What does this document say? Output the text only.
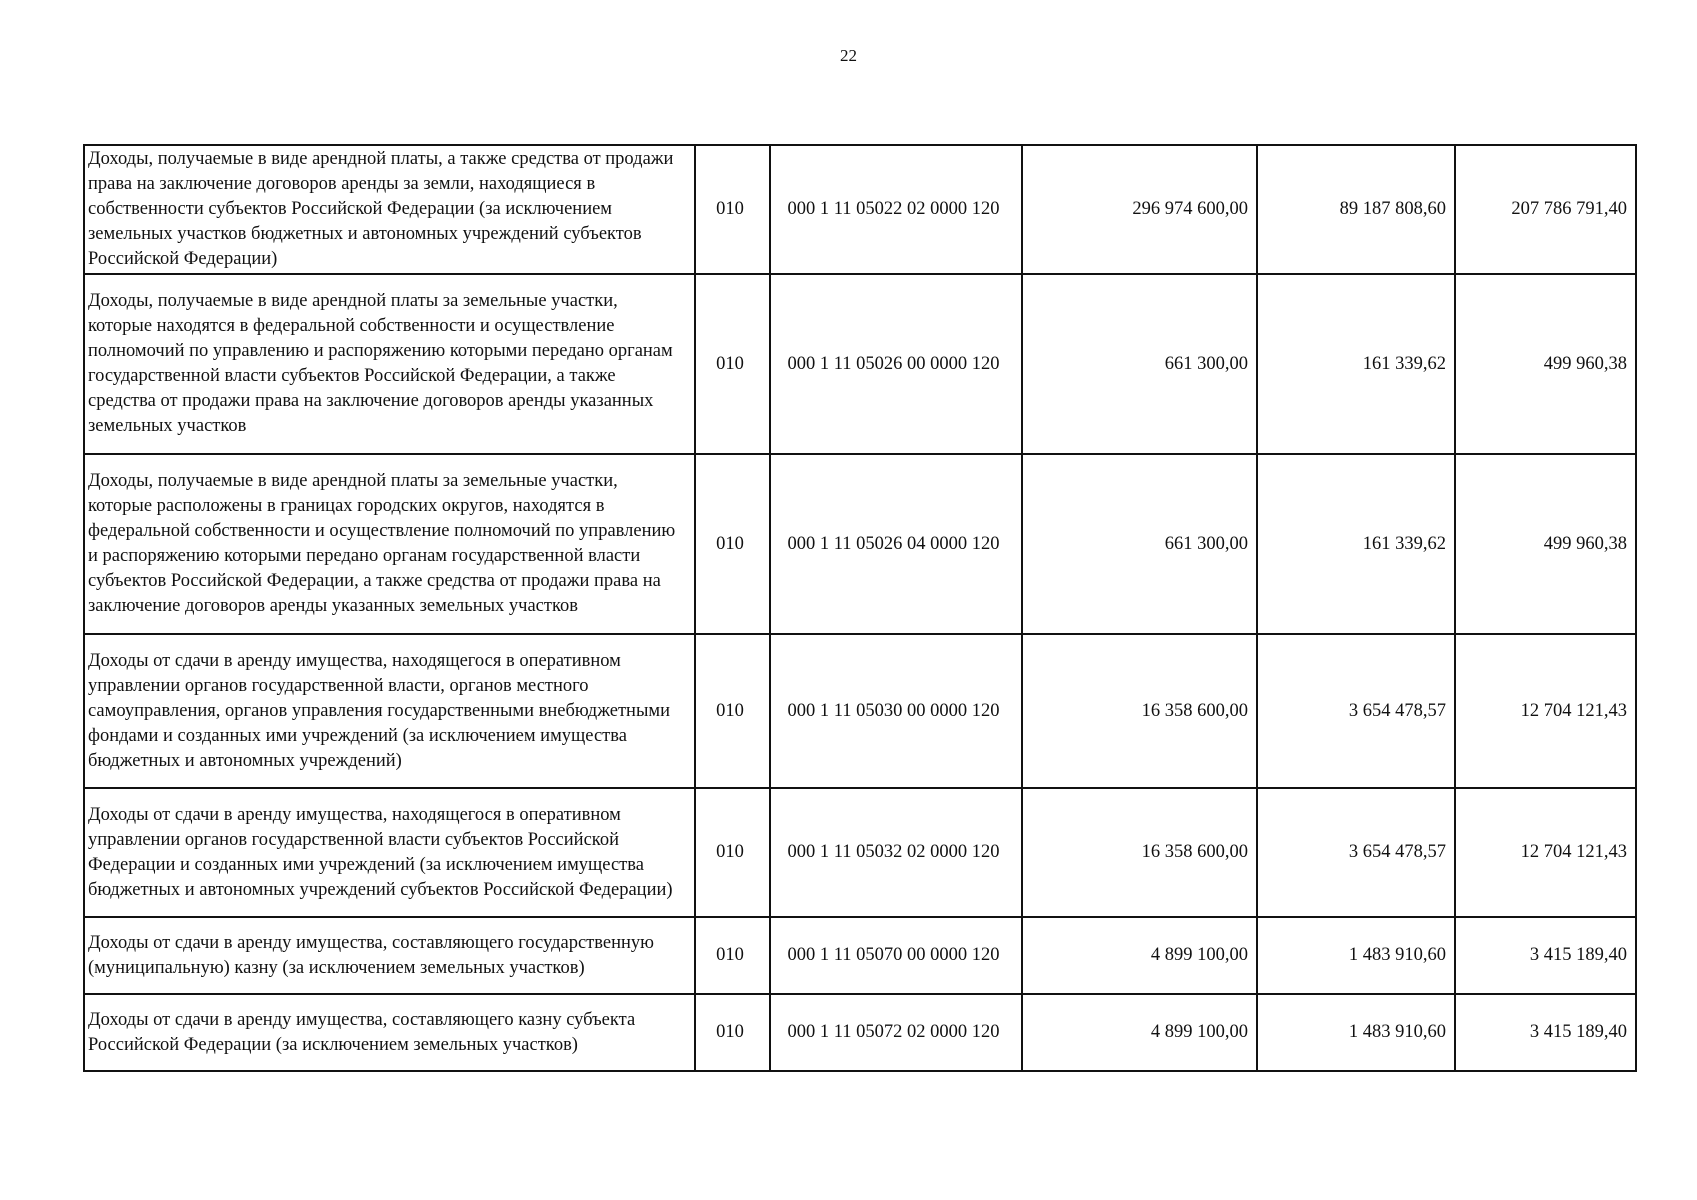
22
Доходы, получаемые в виде арендной платы, а также средства от продажи права на заключение договоров аренды за земли, находящиеся в собственности субъектов Российской Федерации (за исключением земельных участков бюджетных и автономных учреждений субъектов Российской Федерации)	010	000 1 11 05022 02 0000 120	296 974 600,00	89 187 808,60	207 786 791,40
Доходы, получаемые в виде арендной платы за земельные участки, которые находятся в федеральной собственности и осуществление полномочий по управлению и распоряжению которыми передано органам государственной власти субъектов Российской Федерации, а также средства от продажи права на заключение договоров аренды указанных земельных участков	010	000 1 11 05026 00 0000 120	661 300,00	161 339,62	499 960,38
Доходы, получаемые в виде арендной платы за земельные участки, которые расположены в границах городских округов, находятся в федеральной собственности и осуществление полномочий по управлению и распоряжению которыми передано органам государственной власти субъектов Российской Федерации, а также средства от продажи права на заключение договоров аренды указанных земельных участков	010	000 1 11 05026 04 0000 120	661 300,00	161 339,62	499 960,38
Доходы от сдачи в аренду имущества, находящегося в оперативном управлении органов государственной власти, органов местного самоуправления, органов управления государственными внебюджетными фондами и созданных ими учреждений (за исключением имущества бюджетных и автономных учреждений)	010	000 1 11 05030 00 0000 120	16 358 600,00	3 654 478,57	12 704 121,43
Доходы от сдачи в аренду имущества, находящегося в оперативном управлении органов государственной власти субъектов Российской Федерации и созданных ими учреждений (за исключением имущества бюджетных и автономных учреждений субъектов Российской Федерации)	010	000 1 11 05032 02 0000 120	16 358 600,00	3 654 478,57	12 704 121,43
Доходы от сдачи в аренду имущества, составляющего государственную (муниципальную) казну (за исключением земельных участков)	010	000 1 11 05070 00 0000 120	4 899 100,00	1 483 910,60	3 415 189,40
Доходы от сдачи в аренду имущества, составляющего казну субъекта Российской Федерации (за исключением земельных участков)	010	000 1 11 05072 02 0000 120	4 899 100,00	1 483 910,60	3 415 189,40
